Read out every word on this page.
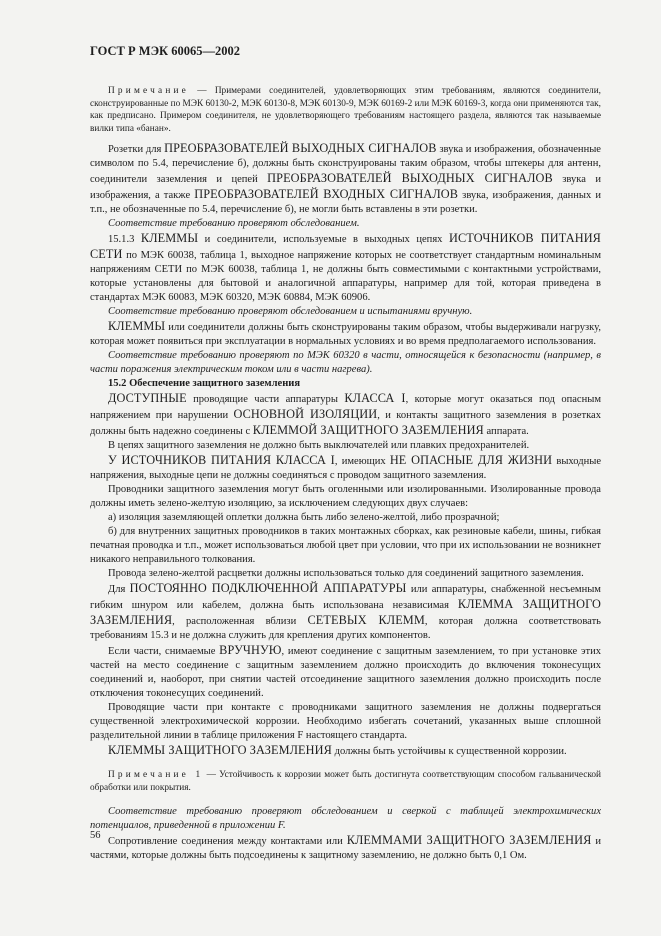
ГОСТ Р МЭК 60065—2002

Примечание — Примерами соединителей, удовлетворяющих этим требованиям, являются соединители, сконструированные по МЭК 60130-2, МЭК 60130-8, МЭК 60130-9, МЭК 60169-2 или МЭК 60169-3, когда они применяются так, как предписано. Примером соединителя, не удовлетворяющего требованиям настоящего раздела, являются так называемые вилки типа «банан».

Розетки для ПРЕОБРАЗОВАТЕЛЕЙ ВЫХОДНЫХ СИГНАЛОВ звука и изображения, обозначенные символом по 5.4, перечисление б), должны быть сконструированы таким образом, чтобы штекеры для антенн, соединители заземления и цепей ПРЕОБРАЗОВАТЕЛЕЙ ВЫХОДНЫХ СИГНАЛОВ звука и изображения, а также ПРЕОБРАЗОВАТЕЛЕЙ ВХОДНЫХ СИГНАЛОВ звука, изображения, данных и т.п., не обозначенные по 5.4, перечисление б), не могли быть вставлены в эти розетки.

Соответствие требованию проверяют обследованием.

15.1.3 КЛЕММЫ и соединители, используемые в выходных цепях ИСТОЧНИКОВ ПИТАНИЯ СЕТИ по МЭК 60038, таблица 1, выходное напряжение которых не соответствует стандартным номинальным напряжениям СЕТИ по МЭК 60038, таблица 1, не должны быть совместимыми с контактными устройствами, которые установлены для бытовой и аналогичной аппаратуры, например для той, которая приведена в стандартах МЭК 60083, МЭК 60320, МЭК 60884, МЭК 60906.

Соответствие требованию проверяют обследованием и испытаниями вручную.

КЛЕММЫ или соединители должны быть сконструированы таким образом, чтобы выдерживали нагрузку, которая может появиться при эксплуатации в нормальных условиях и во время предполагаемого использования.

Соответствие требованию проверяют по МЭК 60320 в части, относящейся к безопасности (например, в части поражения электрическим током или в части нагрева).

15.2 Обеспечение защитного заземления

ДОСТУПНЫЕ проводящие части аппаратуры КЛАССА I, которые могут оказаться под опасным напряжением при нарушении ОСНОВНОЙ ИЗОЛЯЦИИ, и контакты защитного заземления в розетках должны быть надежно соединены с КЛЕММОЙ ЗАЩИТНОГО ЗАЗЕМЛЕНИЯ аппарата.

В цепях защитного заземления не должно быть выключателей или плавких предохранителей.

У ИСТОЧНИКОВ ПИТАНИЯ КЛАССА I, имеющих НЕ ОПАСНЫЕ ДЛЯ ЖИЗНИ выходные напряжения, выходные цепи не должны соединяться с проводом защитного заземления.

Проводники защитного заземления могут быть оголенными или изолированными. Изолированные провода должны иметь зелено-желтую изоляцию, за исключением следующих двух случаев:

а) изоляция заземляющей оплетки должна быть либо зелено-желтой, либо прозрачной;

б) для внутренних защитных проводников в таких монтажных сборках, как резиновые кабели, шины, гибкая печатная проводка и т.п., может использоваться любой цвет при условии, что при их использовании не возникнет никакого неправильного толкования.

Провода зелено-желтой расцветки должны использоваться только для соединений защитного заземления.

Для ПОСТОЯННО ПОДКЛЮЧЕННОЙ АППАРАТУРЫ или аппаратуры, снабженной несъемным гибким шнуром или кабелем, должна быть использована независимая КЛЕММА ЗАЩИТНОГО ЗАЗЕМЛЕНИЯ, расположенная вблизи СЕТЕВЫХ КЛЕММ, которая должна соответствовать требованиям 15.3 и не должна служить для крепления других компонентов.

Если части, снимаемые ВРУЧНУЮ, имеют соединение с защитным заземлением, то при установке этих частей на место соединение с защитным заземлением должно происходить до включения токонесущих соединений и, наоборот, при снятии частей отсоединение защитного заземления должно происходить после отключения токонесущих соединений.

Проводящие части при контакте с проводниками защитного заземления не должны подвергаться существенной электрохимической коррозии. Необходимо избегать сочетаний, указанных выше сплошной разделительной линии в таблице приложения F настоящего стандарта.

КЛЕММЫ ЗАЩИТНОГО ЗАЗЕМЛЕНИЯ должны быть устойчивы к существенной коррозии.

Примечание 1 — Устойчивость к коррозии может быть достигнута соответствующим способом гальванической обработки или покрытия.

Соответствие требованию проверяют обследованием и сверкой с таблицей электрохимических потенциалов, приведенной в приложении F.

Сопротивление соединения между контактами или КЛЕММАМИ ЗАЩИТНОГО ЗАЗЕМЛЕНИЯ и частями, которые должны быть подсоединены к защитному заземлению, не должно быть 0,1 Ом.

56
